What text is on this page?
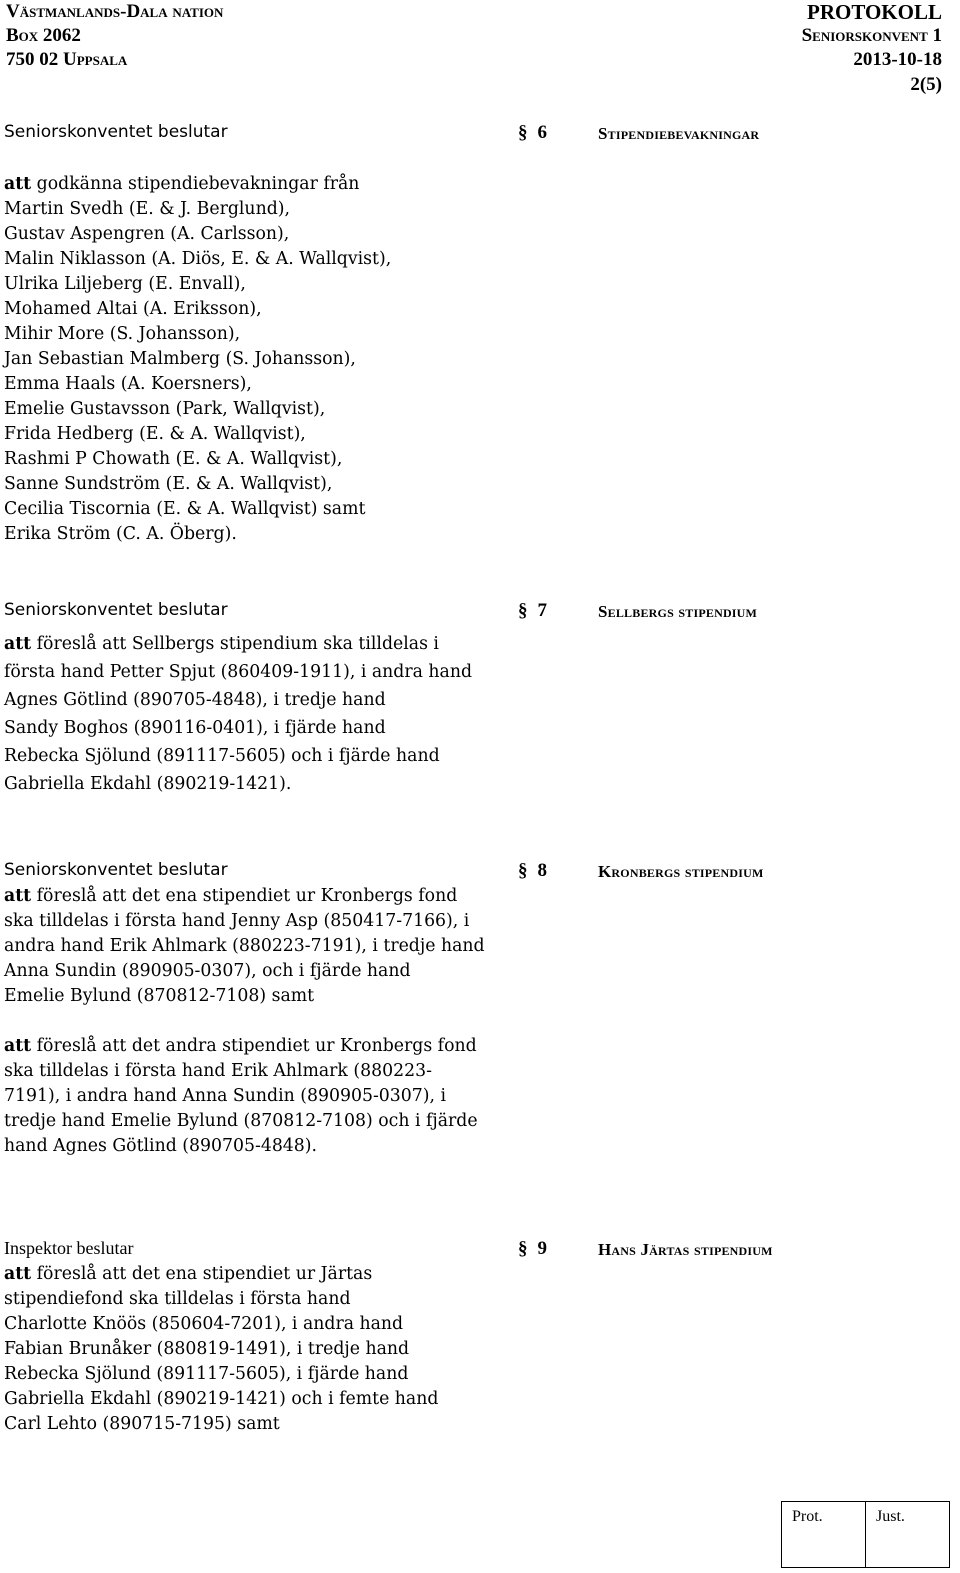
Västmanlands-Dala nation
Box 2062
750 02 Uppsala
PROTOKOLL
Seniorskonvent 1
2013-10-18
2(5)
Seniorskonventet beslutar	§ 6	Stipendiebevakningar

att godkänna stipendiebevakningar från
Martin Svedh (E. & J. Berglund),
Gustav Aspengren (A. Carlsson),
Malin Niklasson (A. Diös, E. & A. Wallqvist),
Ulrika Liljeberg (E. Envall),
Mohamed Altai (A. Eriksson),
Mihir More (S. Johansson),
Jan Sebastian Malmberg (S. Johansson),
Emma Haals (A. Koersners),
Emelie Gustavsson (Park, Wallqvist),
Frida Hedberg (E. & A. Wallqvist),
Rashmi P Chowath (E. & A. Wallqvist),
Sanne Sundström (E. & A. Wallqvist),
Cecilia Tiscornia (E. & A. Wallqvist) samt
Erika Ström (C. A. Öberg).

Seniorskonventet beslutar	§ 7	Sellbergs stipendium

att föreslå att Sellbergs stipendium ska tilldelas i
första hand Petter Spjut (860409-1911), i andra hand
Agnes Götlind (890705-4848), i tredje hand
Sandy Boghos (890116-0401), i fjärde hand
Rebecka Sjölund (891117-5605) och i fjärde hand
Gabriella Ekdahl (890219-1421).

Seniorskonventet beslutar	§ 8	Kronbergs stipendium

att föreslå att det ena stipendiet ur Kronbergs fond
ska tilldelas i första hand Jenny Asp (850417-7166), i
andra hand Erik Ahlmark (880223-7191), i tredje hand
Anna Sundin (890905-0307), och i fjärde hand
Emelie Bylund (870812-7108) samt

att föreslå att det andra stipendiet ur Kronbergs fond
ska tilldelas i första hand Erik Ahlmark (880223-
7191), i andra hand Anna Sundin (890905-0307), i
tredje hand Emelie Bylund (870812-7108) och i fjärde
hand Agnes Götlind (890705-4848).

Inspektor beslutar	§ 9	Hans Järtas stipendium

att föreslå att det ena stipendiet ur Järtas
stipendiefond ska tilldelas i första hand
Charlotte Knöös (850604-7201), i andra hand
Fabian Brunåker (880819-1491), i tredje hand
Rebecka Sjölund (891117-5605), i fjärde hand
Gabriella Ekdahl (890219-1421) och i femte hand
Carl Lehto (890715-7195) samt

Prot.	Just.
